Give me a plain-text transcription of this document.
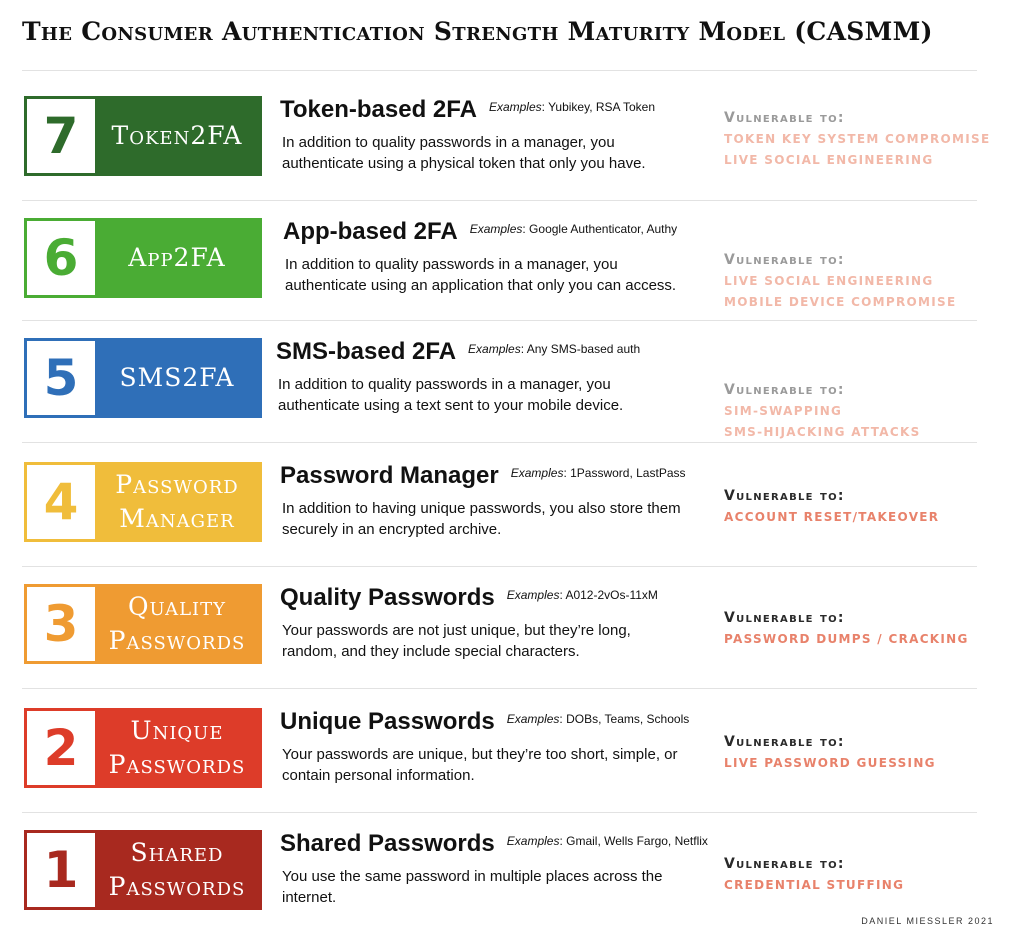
The Consumer Authentication Strength Maturity Model (CASMM)
7	Token2FA
Token-based 2FA $^{Examples: Yubikey, RSA Token}$
In addition to quality passwords in a manager, you authenticate using a physical token that only you have.
Vulnerable to:
TOKEN KEY SYSTEM COMPROMISE
LIVE SOCIAL ENGINEERING
6	App2FA
App-based 2FA $^{Examples: Google Authenticator, Authy}$
In addition to quality passwords in a manager, you authenticate using an application that only you can access.
Vulnerable to:
LIVE SOCIAL ENGINEERING
MOBILE DEVICE COMPROMISE
5	SMS2FA
SMS-based 2FA $^{Examples: Any SMS-based auth}$
In addition to quality passwords in a manager, you authenticate using a text sent to your mobile device.
Vulnerable to:
SIM-SWAPPING
SMS-HIJACKING ATTACKS
4	Password
Manager
Password Manager $^{Examples: 1Password, LastPass}$
In addition to having unique passwords, you also store them securely in an encrypted archive.
Vulnerable to:
ACCOUNT RESET/TAKEOVER
3	Quality
Passwords
Quality Passwords $^{Examples: A012-2vOs-11xM}$
Your passwords are not just unique, but they’re long, random, and they include special characters.
Vulnerable to:
PASSWORD DUMPS / CRACKING
2	Unique
Passwords
Unique Passwords $^{Examples: DOBs, Teams, Schools}$
Your passwords are unique, but they’re too short, simple, or contain personal information.
Vulnerable to:
LIVE PASSWORD GUESSING
1	Shared
Passwords
Shared Passwords $^{Examples: Gmail, Wells Fargo, Netflix}$
You use the same password in multiple places across the internet.
Vulnerable to:
CREDENTIAL STUFFING
DANIEL MIESSLER 2021
